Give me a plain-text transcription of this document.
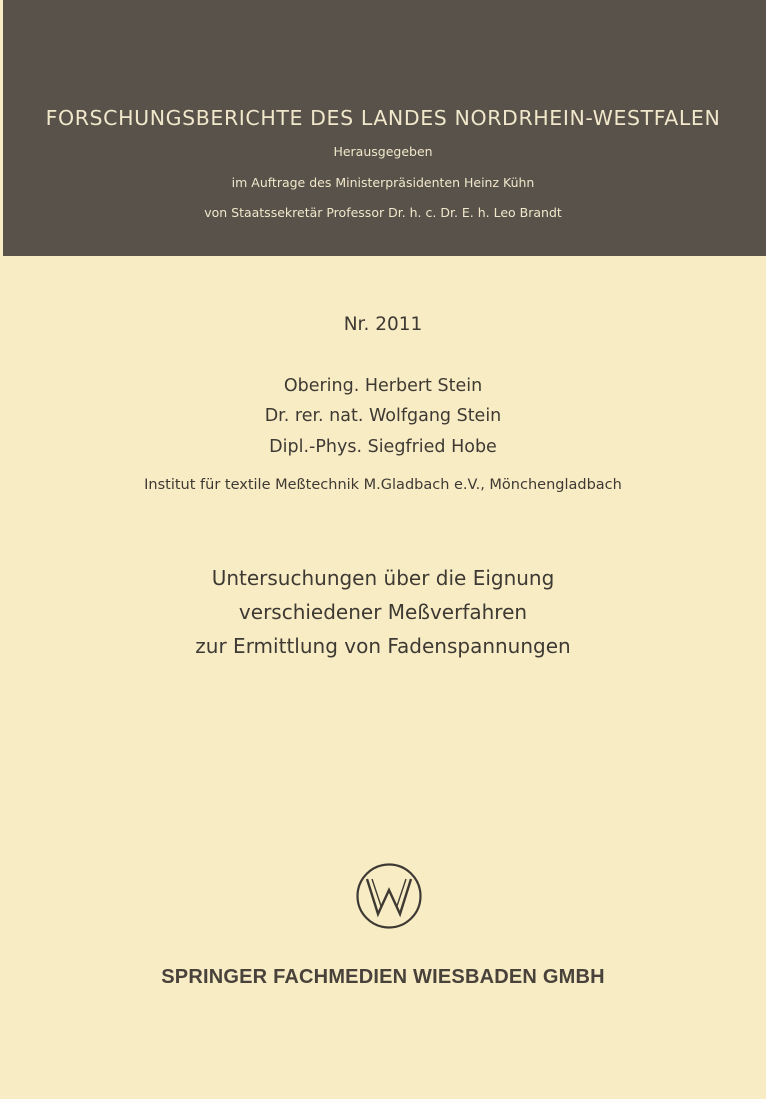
FORSCHUNGSBERICHTE DES LANDES NORDRHEIN-WESTFALEN
Herausgegeben
im Auftrage des Ministerpräsidenten Heinz Kühn
von Staatssekretär Professor Dr. h. c. Dr. E. h. Leo Brandt
Nr. 2011
Obering. Herbert Stein
Dr. rer. nat. Wolfgang Stein
Dipl.-Phys. Siegfried Hobe
Institut für textile Meßtechnik M.Gladbach e.V., Mönchengladbach
Untersuchungen über die Eignung
verschiedener Meßverfahren
zur Ermittlung von Fadenspannungen
SPRINGER FACHMEDIEN WIESBADEN GMBH
